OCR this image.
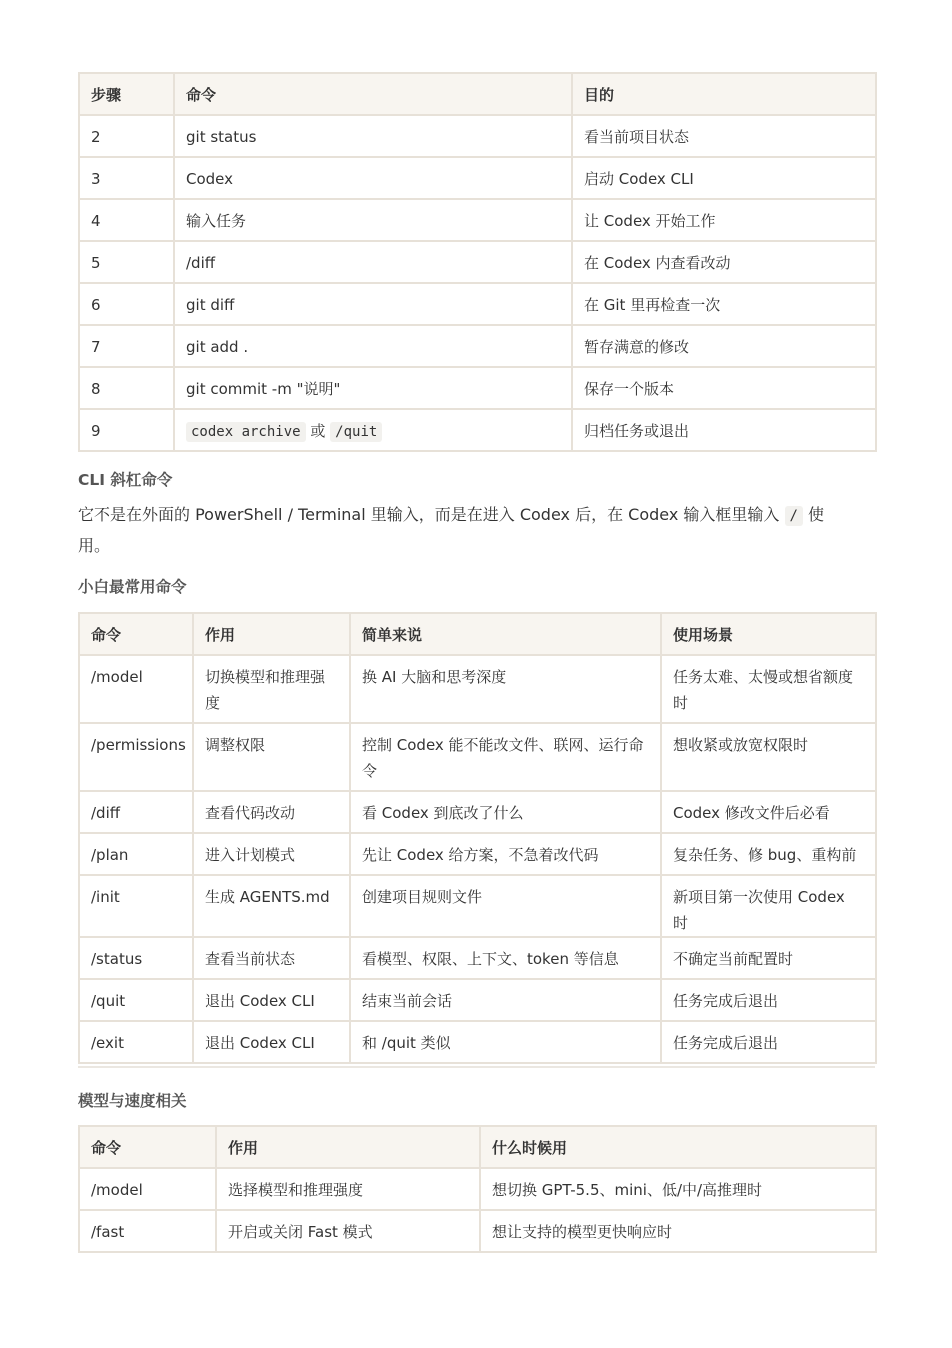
步骤	命令	目的
2	git status	看当前项目状态
3	Codex	启动 Codex CLI
4	输入任务	让 Codex 开始工作
5	/diff	在 Codex 内查看改动
6	git diff	在 Git 里再检查一次
7	git add .	暂存满意的修改
8	git commit -m "说明"	保存一个版本
9	codex archive 或 /quit	归档任务或退出
CLI 斜杠命令

它不是在外面的 PowerShell / Terminal 里输入，而是在进入 Codex 后，在 Codex 输入框里输入 / 使用。

小白最常用命令
命令	作用	简单来说	使用场景
/model	切换模型和推理强度	换 AI 大脑和思考深度	任务太难、太慢或想省额度时
/permissions	调整权限	控制 Codex 能不能改文件、联网、运行命令	想收紧或放宽权限时
/diff	查看代码改动	看 Codex 到底改了什么	Codex 修改文件后必看
/plan	进入计划模式	先让 Codex 给方案，不急着改代码	复杂任务、修 bug、重构前
/init	生成 AGENTS.md	创建项目规则文件	新项目第一次使用 Codex 时
/status	查看当前状态	看模型、权限、上下文、token 等信息	不确定当前配置时
/quit	退出 Codex CLI	结束当前会话	任务完成后退出
/exit	退出 Codex CLI	和 /quit 类似	任务完成后退出
模型与速度相关
命令	作用	什么时候用
/model	选择模型和推理强度	想切换 GPT-5.5、mini、低/中/高推理时
/fast	开启或关闭 Fast 模式	想让支持的模型更快响应时
